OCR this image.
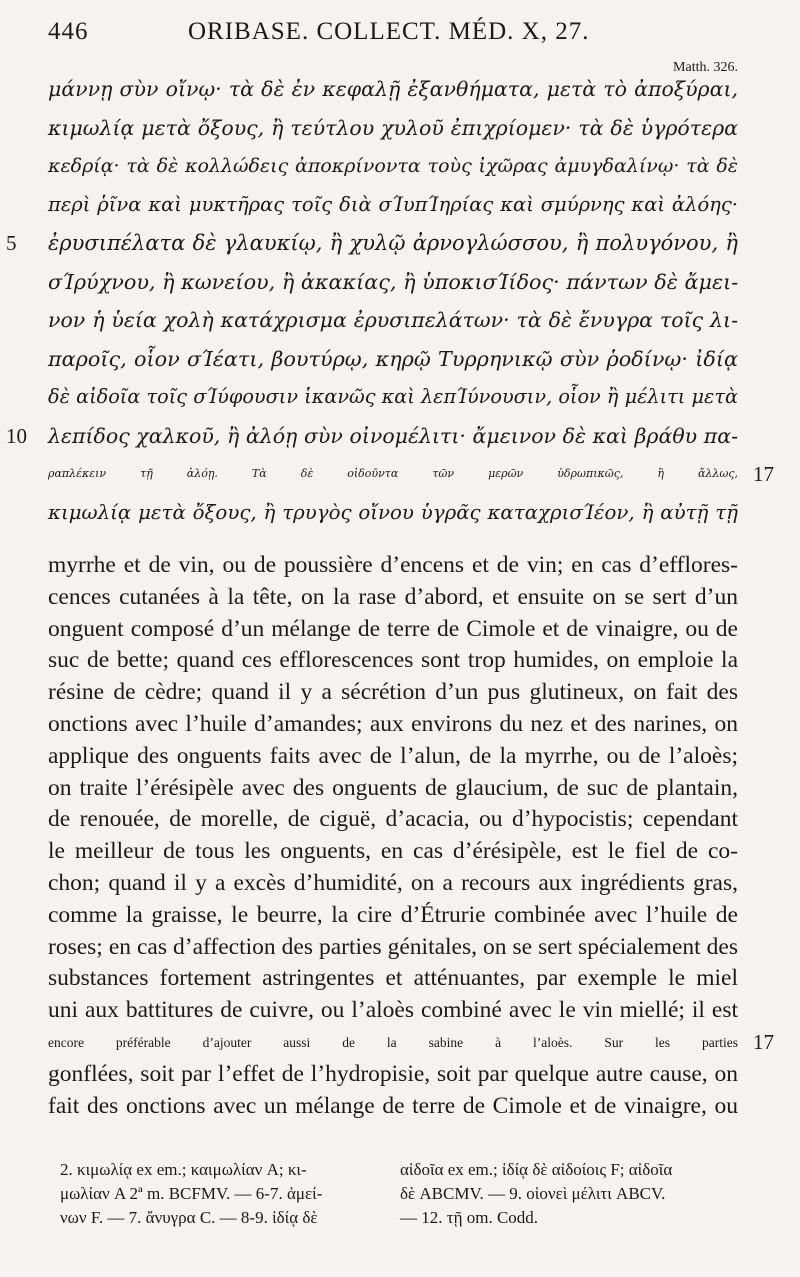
446	ORIBASE. COLLECT. MÉD. X, 27.
Matth. 326.
μάννῃ σὺν οἴνῳ· τὰ δὲ ἐν κεφαλῇ ἐξανθήματα, μετὰ τὸ ἀποξύραι,
κιμωλίᾳ μετὰ ὄξους, ἢ τεύτλου χυλοῦ ἐπιχρίομεν· τὰ δὲ ὑγρότερα
κεδρίᾳ· τὰ δὲ κολλώδεις ἀποκρίνοντα τοὺς ἰχῶρας ἀμυγδαλίνῳ· τὰ δὲ
περὶ ῥῖνα καὶ μυκτῆρας τοῖς διὰ σΊυπΊηρίας καὶ σμύρνης καὶ ἀλόης·
5 ἐρυσιπέλατα δὲ γλαυκίῳ, ἢ χυλῷ ἀρνογλώσσου, ἢ πολυγόνου, ἢ
σΊρύχνου, ἢ κωνείου, ἢ ἀκακίας, ἢ ὑποκισΊίδος· πάντων δὲ ἄμει-
νον ἡ ὑεία χολὴ κατάχρισμα ἐρυσιπελάτων· τὰ δὲ ἔνυγρα τοῖς λι-
παροῖς, οἷον σΊέατι, βουτύρῳ, κηρῷ Τυρρηνικῷ σὺν ῥοδίνῳ· ἰδίᾳ
δὲ αἰδοῖα τοῖς σΊύφουσιν ἱκανῶς καὶ λεπΊύνουσιν, οἷον ἢ μέλιτι μετὰ
10 λεπίδος χαλκοῦ, ἢ ἀλόῃ σὺν οἰνομέλιτι· ἄμεινον δὲ καὶ βράθυ πα-
ραπλέκειν τῇ ἀλόῃ. Τὰ δὲ οἰδοῦντα τῶν μερῶν ὑδρωπικῶς, ἢ ἄλλως, 17
κιμωλίᾳ μετὰ ὄξους, ἢ τρυγὸς οἴνου ὑγρᾶς καταχρισΊέον, ἢ αὐτῇ τῇ
myrrhe et de vin, ou de poussière d’encens et de vin; en cas d’efflores-
cences cutanées à la tête, on la rase d’abord, et ensuite on se sert d’un
onguent composé d’un mélange de terre de Cimole et de vinaigre, ou de
suc de bette; quand ces efflorescences sont trop humides, on emploie la
résine de cèdre; quand il y a sécrétion d’un pus glutineux, on fait des
onctions avec l’huile d’amandes; aux environs du nez et des narines, on
applique des onguents faits avec de l’alun, de la myrrhe, ou de l’aloès;
on traite l’érésipèle avec des onguents de glaucium, de suc de plantain,
de renouée, de morelle, de ciguë, d’acacia, ou d’hypocistis; cependant
le meilleur de tous les onguents, en cas d’érésipèle, est le fiel de co-
chon; quand il y a excès d’humidité, on a recours aux ingrédients gras,
comme la graisse, le beurre, la cire d’Étrurie combinée avec l’huile de
roses; en cas d’affection des parties génitales, on se sert spécialement des
substances fortement astringentes et atténuantes, par exemple le miel
uni aux battitures de cuivre, ou l’aloès combiné avec le vin miellé; il est
encore préférable d’ajouter aussi de la sabine à l’aloès. Sur les parties 17
gonflées, soit par l’effet de l’hydropisie, soit par quelque autre cause, on
fait des onctions avec un mélange de terre de Cimole et de vinaigre, ou
2. κιμωλίᾳ ex em.; καιμωλίαν A; κι-
μωλίαν A 2ª m. BCFMV. — 6-7. ἀμεί-
νων F. — 7. ἄνυγρα C. — 8-9. ἰδίᾳ δὲ
αἰδοῖα ex em.; ἰδίᾳ δὲ αἰδοίοις F; αἰδοῖα
δὲ ABCMV. — 9. οἱονεὶ μέλιτι ABCV.
— 12. τῇ om. Codd.
